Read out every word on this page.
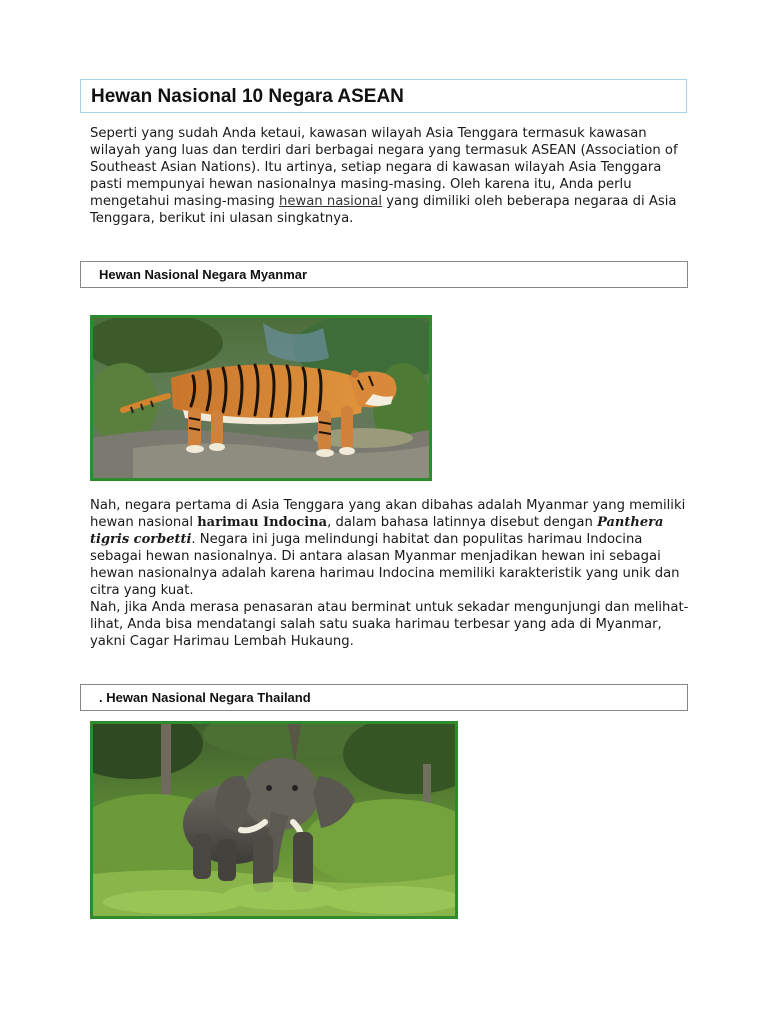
Hewan Nasional 10 Negara ASEAN

Seperti yang sudah Anda ketaui, kawasan wilayah Asia Tenggara termasuk kawasan wilayah yang luas dan terdiri dari berbagai negara yang termasuk ASEAN (Association of Southeast Asian Nations). Itu artinya, setiap negara di kawasan wilayah Asia Tenggara pasti mempunyai hewan nasionalnya masing-masing. Oleh karena itu, Anda perlu mengetahui masing-masing hewan nasional yang dimiliki oleh beberapa negaraa di Asia Tenggara, berikut ini ulasan singkatnya.

Hewan Nasional Negara Myanmar

Nah, negara pertama di Asia Tenggara yang akan dibahas adalah Myanmar yang memiliki hewan nasional harimau Indocina, dalam bahasa latinnya disebut dengan Panthera tigris corbetti. Negara ini juga melindungi habitat dan populitas harimau Indocina sebagai hewan nasionalnya. Di antara alasan Myanmar menjadikan hewan ini sebagai hewan nasionalnya adalah karena harimau Indocina memiliki karakteristik yang unik dan citra yang kuat.

Nah, jika Anda merasa penasaran atau berminat untuk sekadar mengunjungi dan melihat-lihat, Anda bisa mendatangi salah satu suaka harimau terbesar yang ada di Myanmar, yakni Cagar Harimau Lembah Hukaung.

. Hewan Nasional Negara Thailand
